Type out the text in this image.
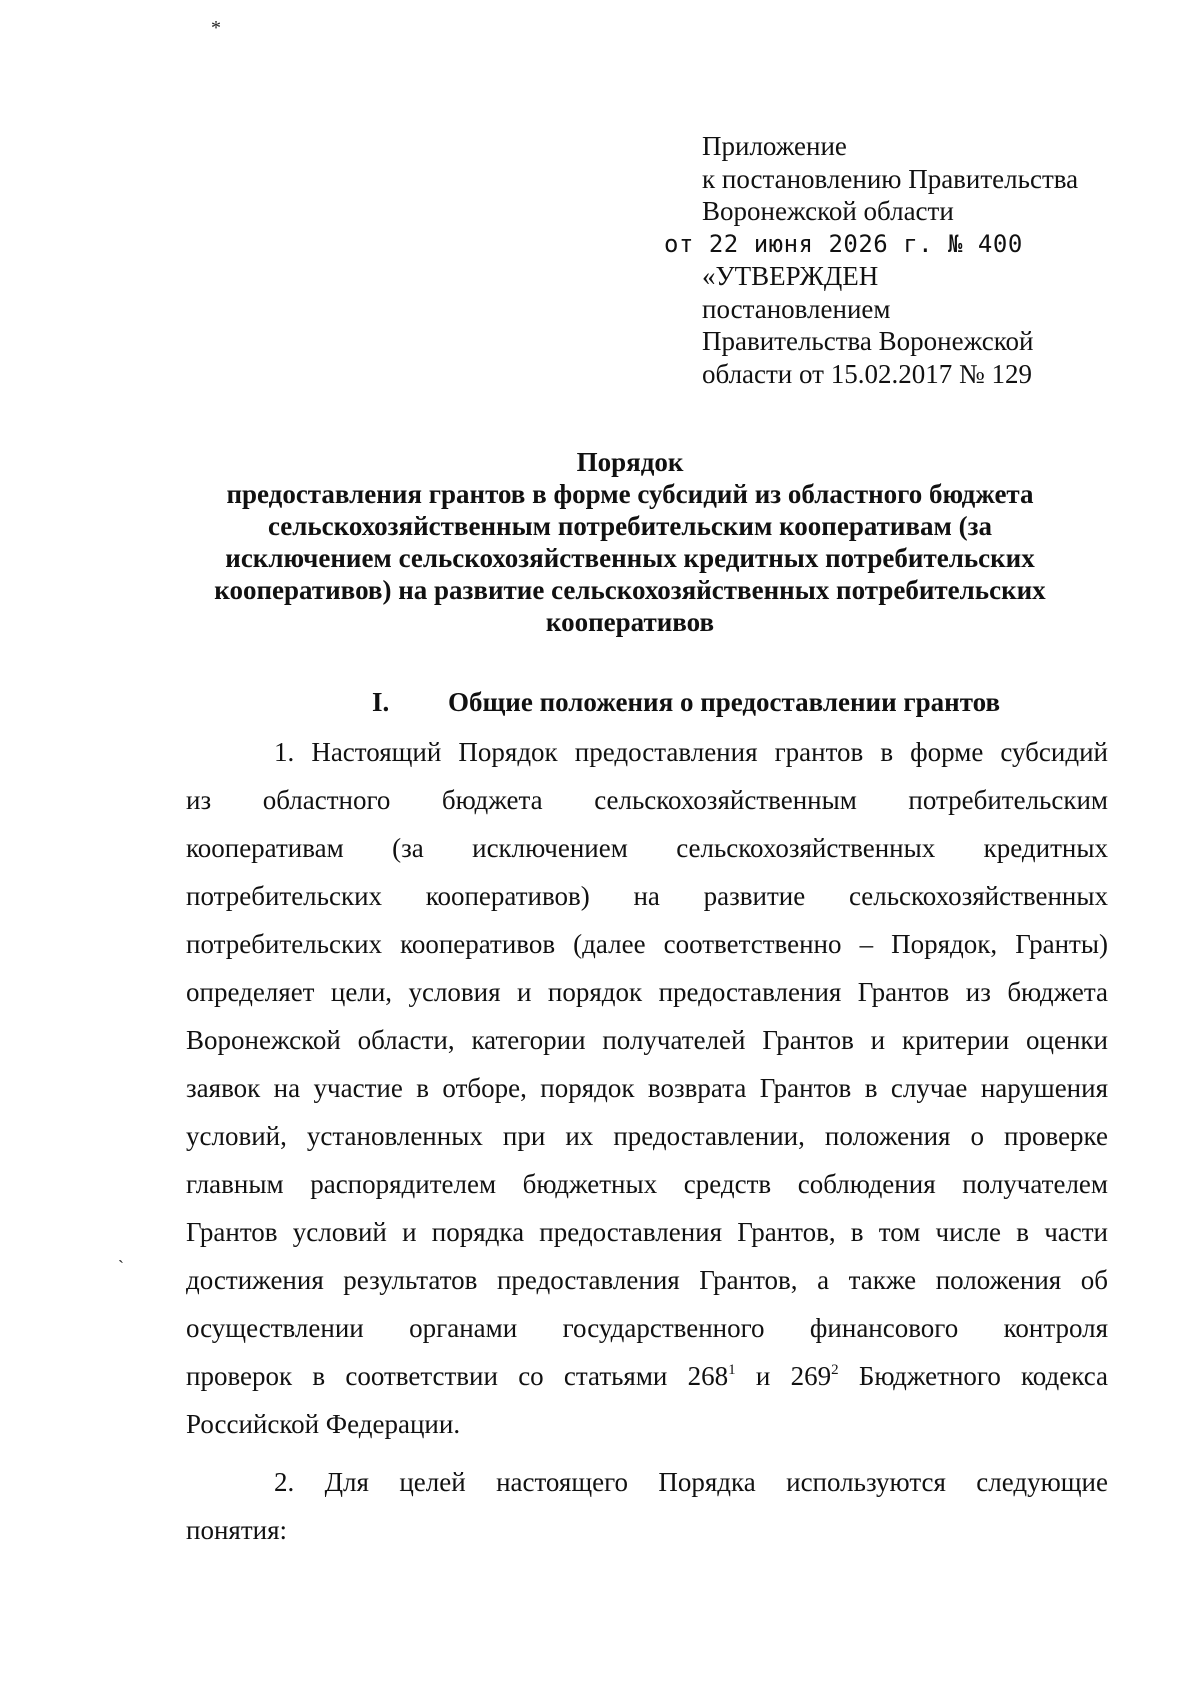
*
`
Приложение
к постановлению Правительства
Воронежской области
от 22 июня 2026 г. № 400
«УТВЕРЖДЕН
постановлением
Правительства Воронежской
области от 15.02.2017 № 129
Порядок
предоставления грантов в форме субсидий из областного бюджета
сельскохозяйственным потребительским кооперативам (за
исключением сельскохозяйственных кредитных потребительских
кооперативов) на развитие сельскохозяйственных потребительских
кооперативов
I. Общие положения о предоставлении грантов
1. Настоящий Порядок предоставления грантов в форме субсидий
из областного бюджета сельскохозяйственным потребительским
кооперативам (за исключением сельскохозяйственных кредитных
потребительских кооперативов) на развитие сельскохозяйственных
потребительских кооперативов (далее соответственно – Порядок, Гранты)
определяет цели, условия и порядок предоставления Грантов из бюджета
Воронежской области, категории получателей Грантов и критерии оценки
заявок на участие в отборе, порядок возврата Грантов в случае нарушения
условий, установленных при их предоставлении, положения о проверке
главным распорядителем бюджетных средств соблюдения получателем
Грантов условий и порядка предоставления Грантов, в том числе в части
достижения результатов предоставления Грантов, а также положения об
осуществлении органами государственного финансового контроля
проверок в соответствии со статьями $268^1$ и $269^2$ Бюджетного кодекса
Российской Федерации.
2. Для целей настоящего Порядка используются следующие
понятия:
